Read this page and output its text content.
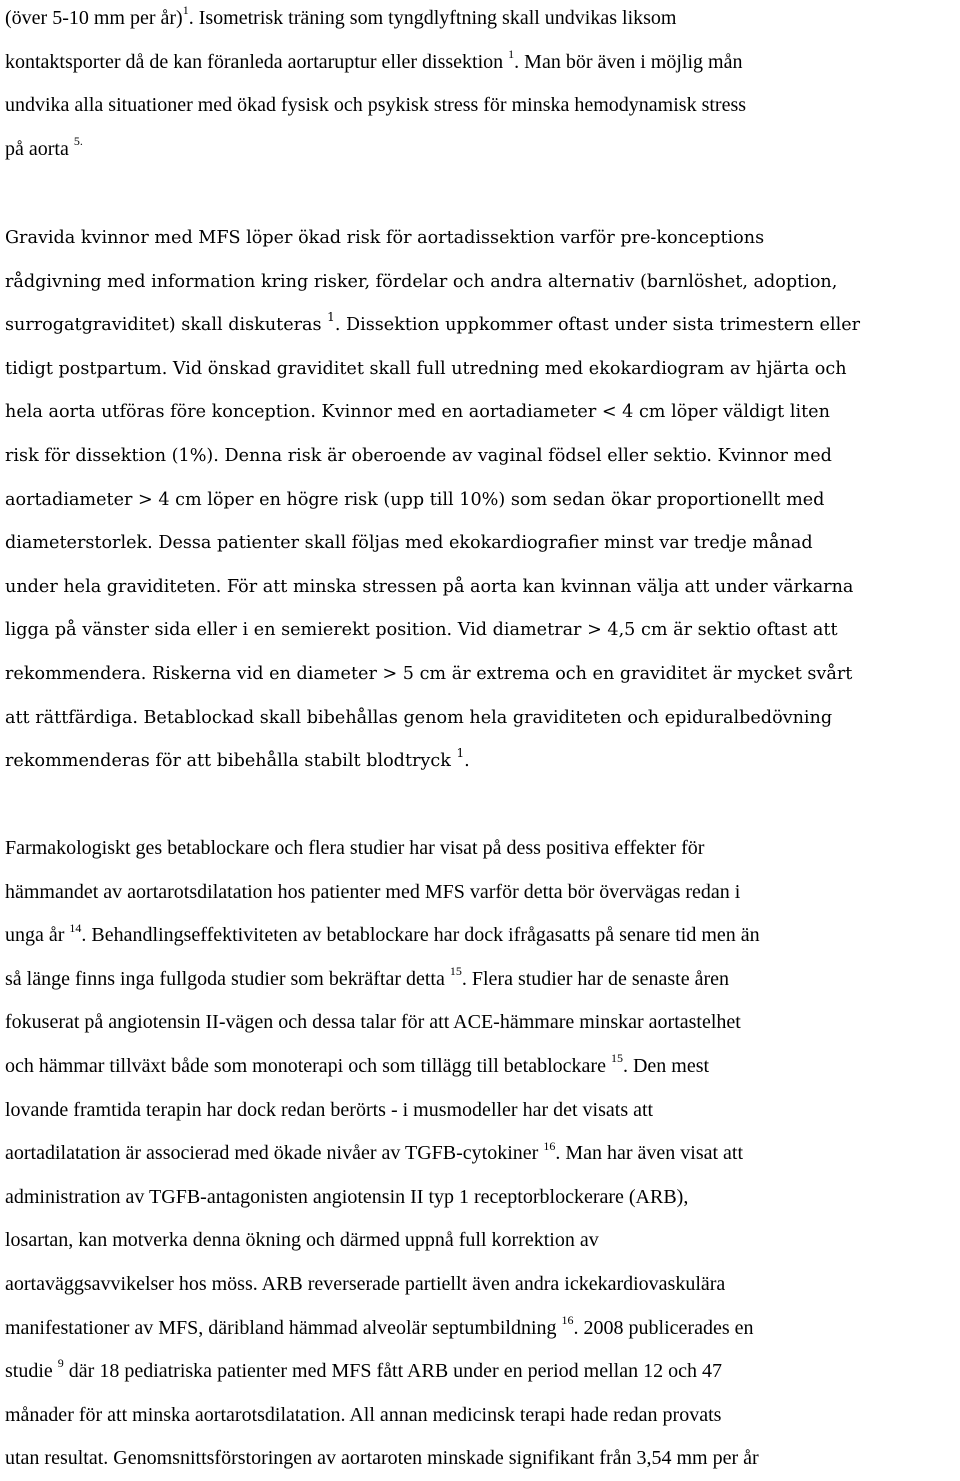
(över 5-10 mm per år)$^1$. Isometrisk träning som tyngdlyftning skall undvikas liksom
kontaktsporter då de kan föranleda aortaruptur eller dissektion $^1$. Man bör även i möjlig mån
undvika alla situationer med ökad fysisk och psykisk stress för minska hemodynamisk stress
på aorta $^{5.}$

Gravida kvinnor med MFS löper ökad risk för aortadissektion varför pre-konceptions
rådgivning med information kring risker, fördelar och andra alternativ (barnlöshet, adoption,
surrogatgraviditet) skall diskuteras $^1$. Dissektion uppkommer oftast under sista trimestern eller
tidigt postpartum. Vid önskad graviditet skall full utredning med ekokardiogram av hjärta och
hela aorta utföras före konception. Kvinnor med en aortadiameter < 4 cm löper väldigt liten
risk för dissektion (1%). Denna risk är oberoende av vaginal födsel eller sektio. Kvinnor med
aortadiameter > 4 cm löper en högre risk (upp till 10%) som sedan ökar proportionellt med
diameterstorlek. Dessa patienter skall följas med ekokardiografier minst var tredje månad
under hela graviditeten. För att minska stressen på aorta kan kvinnan välja att under värkarna
ligga på vänster sida eller i en semierekt position. Vid diametrar > 4,5 cm är sektio oftast att
rekommendera. Riskerna vid en diameter > 5 cm är extrema och en graviditet är mycket svårt
att rättfärdiga. Betablockad skall bibehållas genom hela graviditeten och epiduralbedövning
rekommenderas för att bibehålla stabilt blodtryck $^1$.

Farmakologiskt ges betablockare och flera studier har visat på dess positiva effekter för
hämmandet av aortarotsdilatation hos patienter med MFS varför detta bör övervägas redan i
unga år $^{14}$. Behandlingseffektiviteten av betablockare har dock ifrågasatts på senare tid men än
så länge finns inga fullgoda studier som bekräftar detta $^{15}$. Flera studier har de senaste åren
fokuserat på angiotensin II-vägen och dessa talar för att ACE-hämmare minskar aortastelhet
och hämmar tillväxt både som monoterapi och som tillägg till betablockare $^{15}$. Den mest
lovande framtida terapin har dock redan berörts - i musmodeller har det visats att
aortadilatation är associerad med ökade nivåer av TGFB-cytokiner $^{16}$. Man har även visat att
administration av TGFB-antagonisten angiotensin II typ 1 receptorblockerare (ARB),
losartan, kan motverka denna ökning och därmed uppnå full korrektion av
aortaväggsavvikelser hos möss. ARB reverserade partiellt även andra ickekardiovaskulära
manifestationer av MFS, däribland hämmad alveolär septumbildning $^{16}$. 2008 publicerades en
studie $^9$ där 18 pediatriska patienter med MFS fått ARB under en period mellan 12 och 47
månader för att minska aortarotsdilatation. All annan medicinsk terapi hade redan provats
utan resultat. Genomsnittsförstoringen av aortaroten minskade signifikant från 3,54 mm per år
